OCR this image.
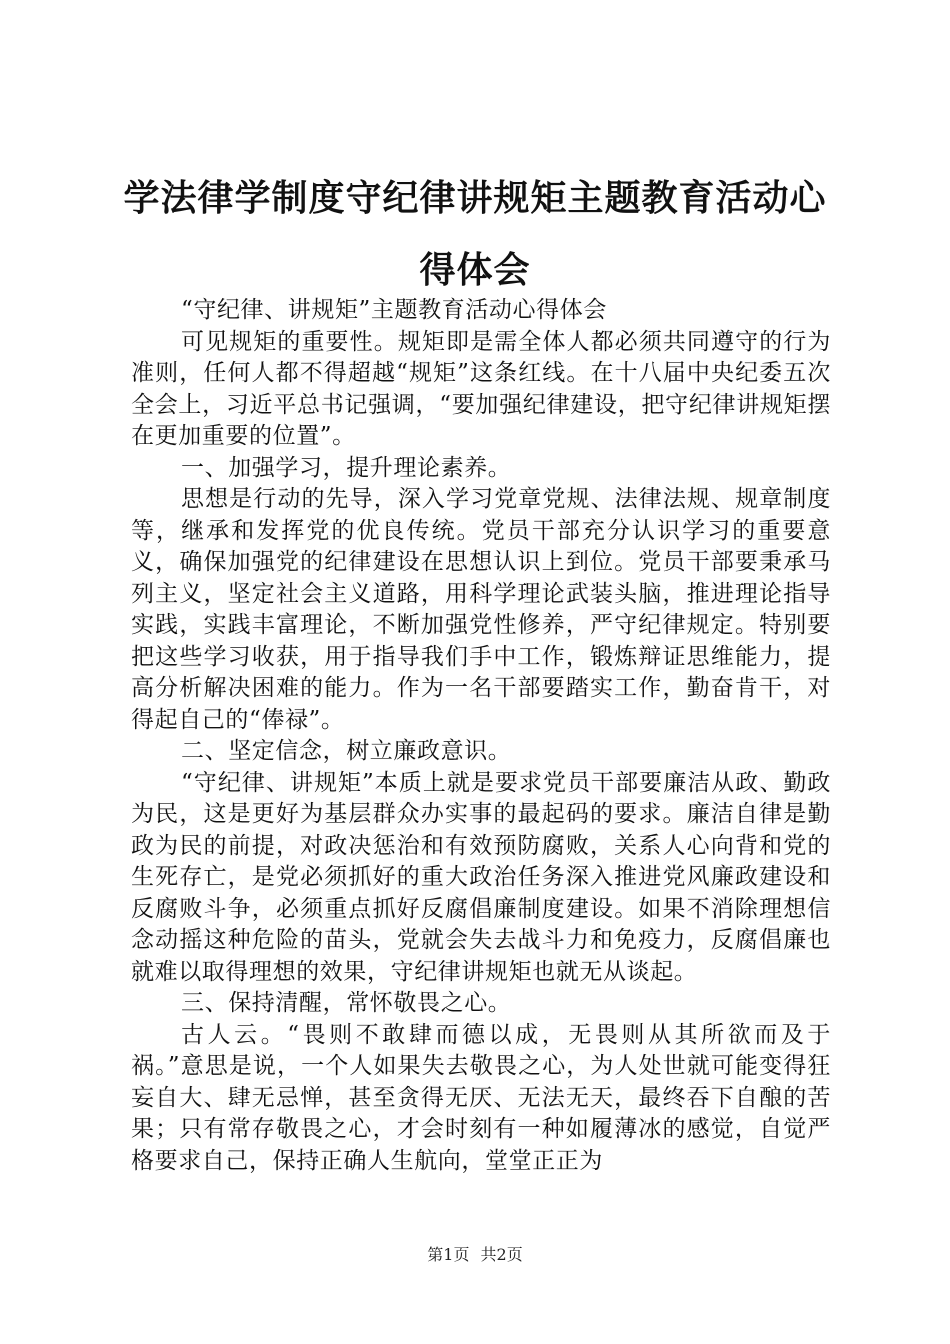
学法律学制度守纪律讲规矩主题教育活动心得体会

“守纪律、讲规矩”主题教育活动心得体会

可见规矩的重要性。规矩即是需全体人都必须共同遵守的行为准则，任何人都不得超越“规矩”这条红线。在十八届中央纪委五次全会上，习近平总书记强调，“要加强纪律建设，把守纪律讲规矩摆在更加重要的位置”。

一、加强学习，提升理论素养。

思想是行动的先导，深入学习党章党规、法律法规、规章制度等，继承和发挥党的优良传统。党员干部充分认识学习的重要意义，确保加强党的纪律建设在思想认识上到位。党员干部要秉承马列主义，坚定社会主义道路，用科学理论武装头脑，推进理论指导实践，实践丰富理论，不断加强党性修养，严守纪律规定。特别要把这些学习收获，用于指导我们手中工作，锻炼辩证思维能力，提高分析解决困难的能力。作为一名干部要踏实工作，勤奋肯干，对得起自己的“俸禄”。

二、坚定信念，树立廉政意识。

“守纪律、讲规矩”本质上就是要求党员干部要廉洁从政、勤政为民，这是更好为基层群众办实事的最起码的要求。廉洁自律是勤政为民的前提，对政决惩治和有效预防腐败，关系人心向背和党的生死存亡，是党必须抓好的重大政治任务深入推进党风廉政建设和反腐败斗争，必须重点抓好反腐倡廉制度建设。如果不消除理想信念动摇这种危险的苗头，党就会失去战斗力和免疫力，反腐倡廉也就难以取得理想的效果，守纪律讲规矩也就无从谈起。

三、保持清醒，常怀敬畏之心。

古人云。“畏则不敢肆而德以成，无畏则从其所欲而及于祸。”意思是说，一个人如果失去敬畏之心，为人处世就可能变得狂妄自大、肆无忌惮，甚至贪得无厌、无法无天，最终吞下自酿的苦果；只有常存敬畏之心，才会时刻有一种如履薄冰的感觉，自觉严格要求自己，保持正确人生航向，堂堂正正为

第1页 共2页
